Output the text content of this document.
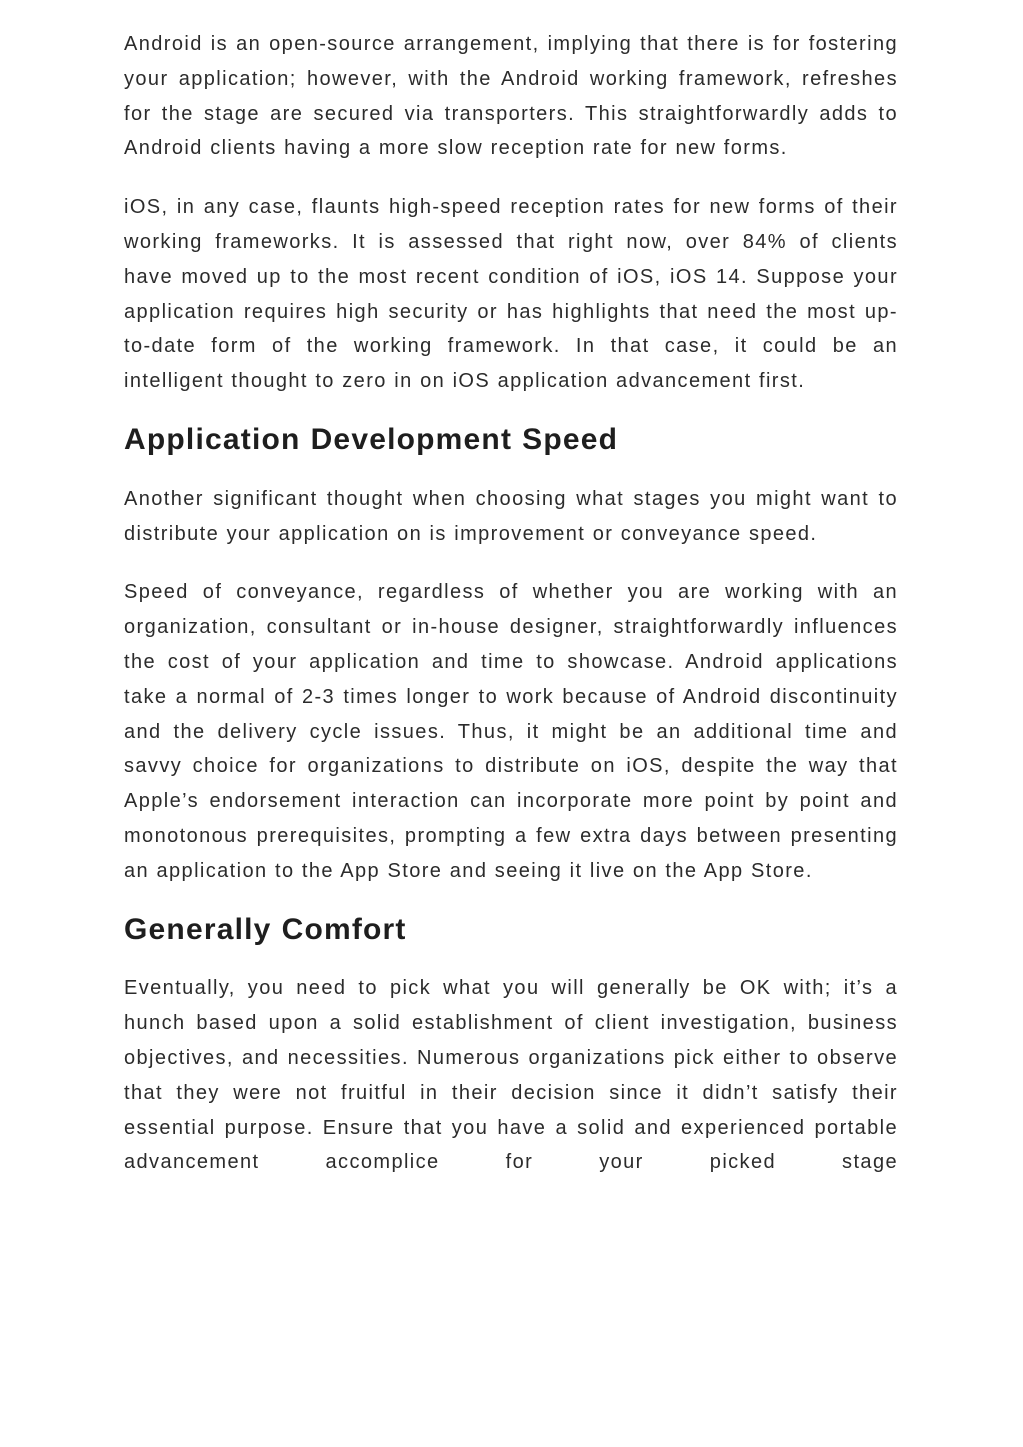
Android is an open-source arrangement, implying that there is for fostering your application; however, with the Android working framework, refreshes for the stage are secured via transporters. This straightforwardly adds to Android clients having a more slow reception rate for new forms.

iOS, in any case, flaunts high-speed reception rates for new forms of their working frameworks. It is assessed that right now, over 84% of clients have moved up to the most recent condition of iOS, iOS 14. Suppose your application requires high security or has highlights that need the most up-to-date form of the working framework. In that case, it could be an intelligent thought to zero in on iOS application advancement first.

Application Development Speed

Another significant thought when choosing what stages you might want to distribute your application on is improvement or conveyance speed.

Speed of conveyance, regardless of whether you are working with an organization, consultant or in-house designer, straightforwardly influences the cost of your application and time to showcase. Android applications take a normal of 2-3 times longer to work because of Android discontinuity and the delivery cycle issues. Thus, it might be an additional time and savvy choice for organizations to distribute on iOS, despite the way that Apple’s endorsement interaction can incorporate more point by point and monotonous prerequisites, prompting a few extra days between presenting an application to the App Store and seeing it live on the App Store.

Generally Comfort

Eventually, you need to pick what you will generally be OK with; it’s a hunch based upon a solid establishment of client investigation, business objectives, and necessities. Numerous organizations pick either to observe that they were not fruitful in their decision since it didn’t satisfy their essential purpose. Ensure that you have a solid and experienced portable advancement accomplice for your picked stage
